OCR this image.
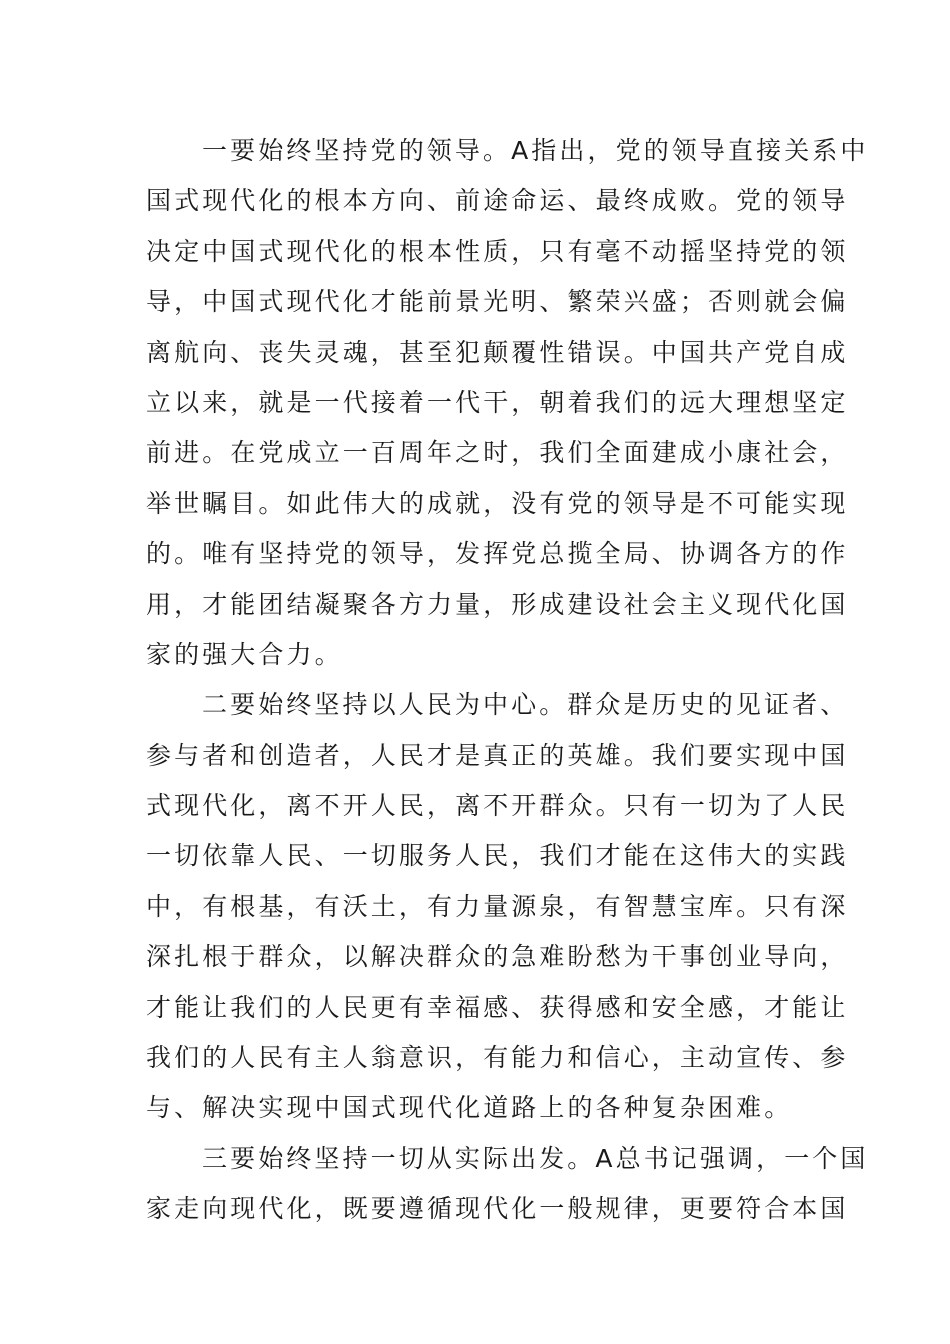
一要始终坚持党的领导。A指出，党的领导直接关系中
国式现代化的根本方向、前途命运、最终成败。党的领导
决定中国式现代化的根本性质，只有毫不动摇坚持党的领
导，中国式现代化才能前景光明、繁荣兴盛；否则就会偏
离航向、丧失灵魂，甚至犯颠覆性错误。中国共产党自成
立以来，就是一代接着一代干，朝着我们的远大理想坚定
前进。在党成立一百周年之时，我们全面建成小康社会，
举世瞩目。如此伟大的成就，没有党的领导是不可能实现
的。唯有坚持党的领导，发挥党总揽全局、协调各方的作
用，才能团结凝聚各方力量，形成建设社会主义现代化国
家的强大合力。
二要始终坚持以人民为中心。群众是历史的见证者、
参与者和创造者，人民才是真正的英雄。我们要实现中国
式现代化，离不开人民，离不开群众。只有一切为了人民
一切依靠人民、一切服务人民，我们才能在这伟大的实践
中，有根基，有沃土，有力量源泉，有智慧宝库。只有深
深扎根于群众，以解决群众的急难盼愁为干事创业导向，
才能让我们的人民更有幸福感、获得感和安全感，才能让
我们的人民有主人翁意识，有能力和信心，主动宣传、参
与、解决实现中国式现代化道路上的各种复杂困难。
三要始终坚持一切从实际出发。A总书记强调，一个国
家走向现代化，既要遵循现代化一般规律，更要符合本国
